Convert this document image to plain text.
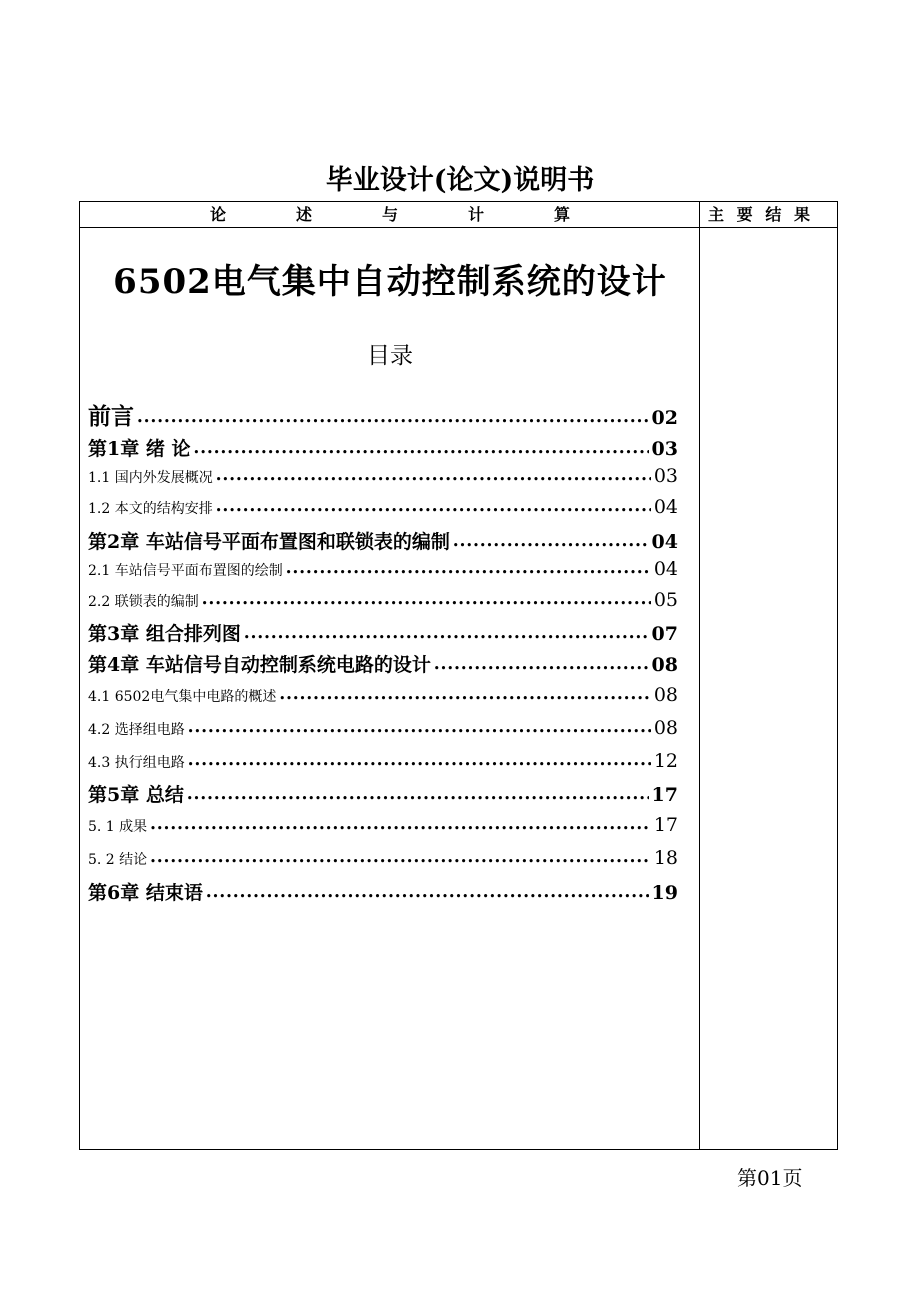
毕业设计(论文)说明书
论	述	与	计	算	主 要 结 果
6502电气集中自动控制系统的设计
目录
前言 •••••	02
第1章 绪 论 •••••	03
1.1 国内外发展概况 •••••	03
1.2 本文的结构安排 •••••	04
第2章 车站信号平面布置图和联锁表的编制 •••••	04
2.1 车站信号平面布置图的绘制 •••••	04
2.2 联锁表的编制 •••••	05
第3章 组合排列图 •••••	07
第4章 车站信号自动控制系统电路的设计 •••••	08
4.1 6502电气集中电路的概述 •••••	08
4.2 选择组电路 •••••	08
4.3 执行组电路 •••••	12
第5章 总结 •••••	17
5. 1 成果 •••••	17
5. 2 结论 •••••	18
第6章 结束语 •••••	19
第01页
